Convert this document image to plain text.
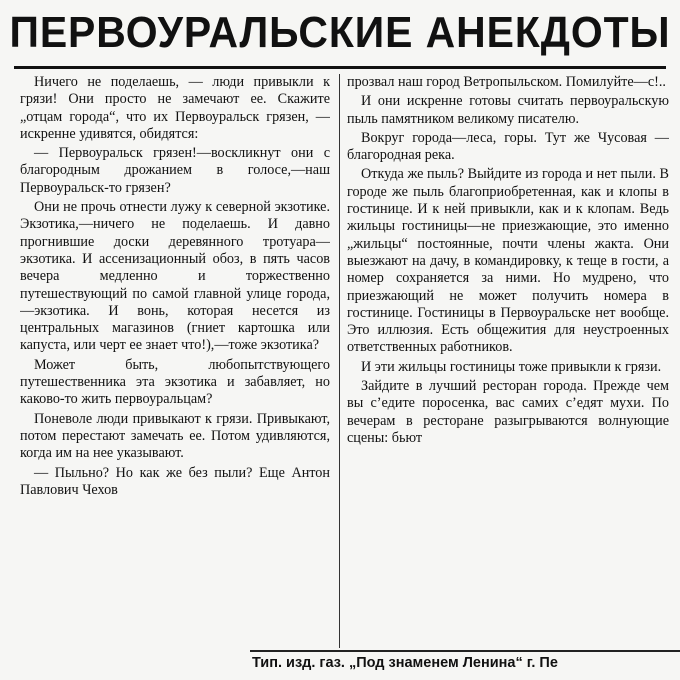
ПЕРВОУРАЛЬСКИЕ АНЕКДОТЫ

Ничего не поделаешь, — люди привыкли к грязи! Они просто не замечают ее. Скажите „отцам города“, что их Первоуральск грязен, —искренне удивятся, обидятся:

— Первоуральск грязен!—воскликнут они с благородным дрожанием в голосе,—наш Первоуральск-то грязен?

Они не прочь отнести лужу к северной экзотике. Экзотика,—ничего не поделаешь. И давно прогнившие доски деревянного тротуара—экзотика. И ассенизационный обоз, в пять часов вечера медленно и торжественно путешествующий по самой главной улице города,—экзотика. И вонь, которая несется из центральных магазинов (гниет картошка или капуста, или черт ее знает что!),—тоже экзотика?

Может быть, любопытствующего путешественника эта экзотика и забавляет, но каково-то жить первоуральцам?

Поневоле люди привыкают к грязи. Привыкают, потом перестают замечать ее. Потом удивляются, когда им на нее указывают.

— Пыльно? Но как же без пыли? Еще Антон Павлович Чехов

прозвал наш город Ветропыльском. Помилуйте—с!..

И они искренне готовы считать первоуральскую пыль памятником великому писателю.

Вокруг города—леса, горы. Тут же Чусовая — благородная река.

Откуда же пыль? Выйдите из города и нет пыли. В городе же пыль благоприобретенная, как и клопы в гостинице. И к ней привыкли, как и к клопам. Ведь жильцы гостиницы—не приезжающие, это именно „жильцы“ постоянные, почти члены жакта. Они выезжают на дачу, в командировку, к теще в гости, а номер сохраняется за ними. Но мудрено, что приезжающий не может получить номера в гостинице. Гостиницы в Первоуральске нет вообще. Это иллюзия. Есть общежития для неустроенных ответственных работников.

И эти жильцы гостиницы тоже привыкли к грязи.

Зайдите в лучший ресторан города. Прежде чем вы с’едите поросенка, вас самих с’едят мухи. По вечерам в ресторане разыгрываются волнующие сцены: бьют

Тип. изд. газ. „Под знаменем Ленина“ г. Пе
